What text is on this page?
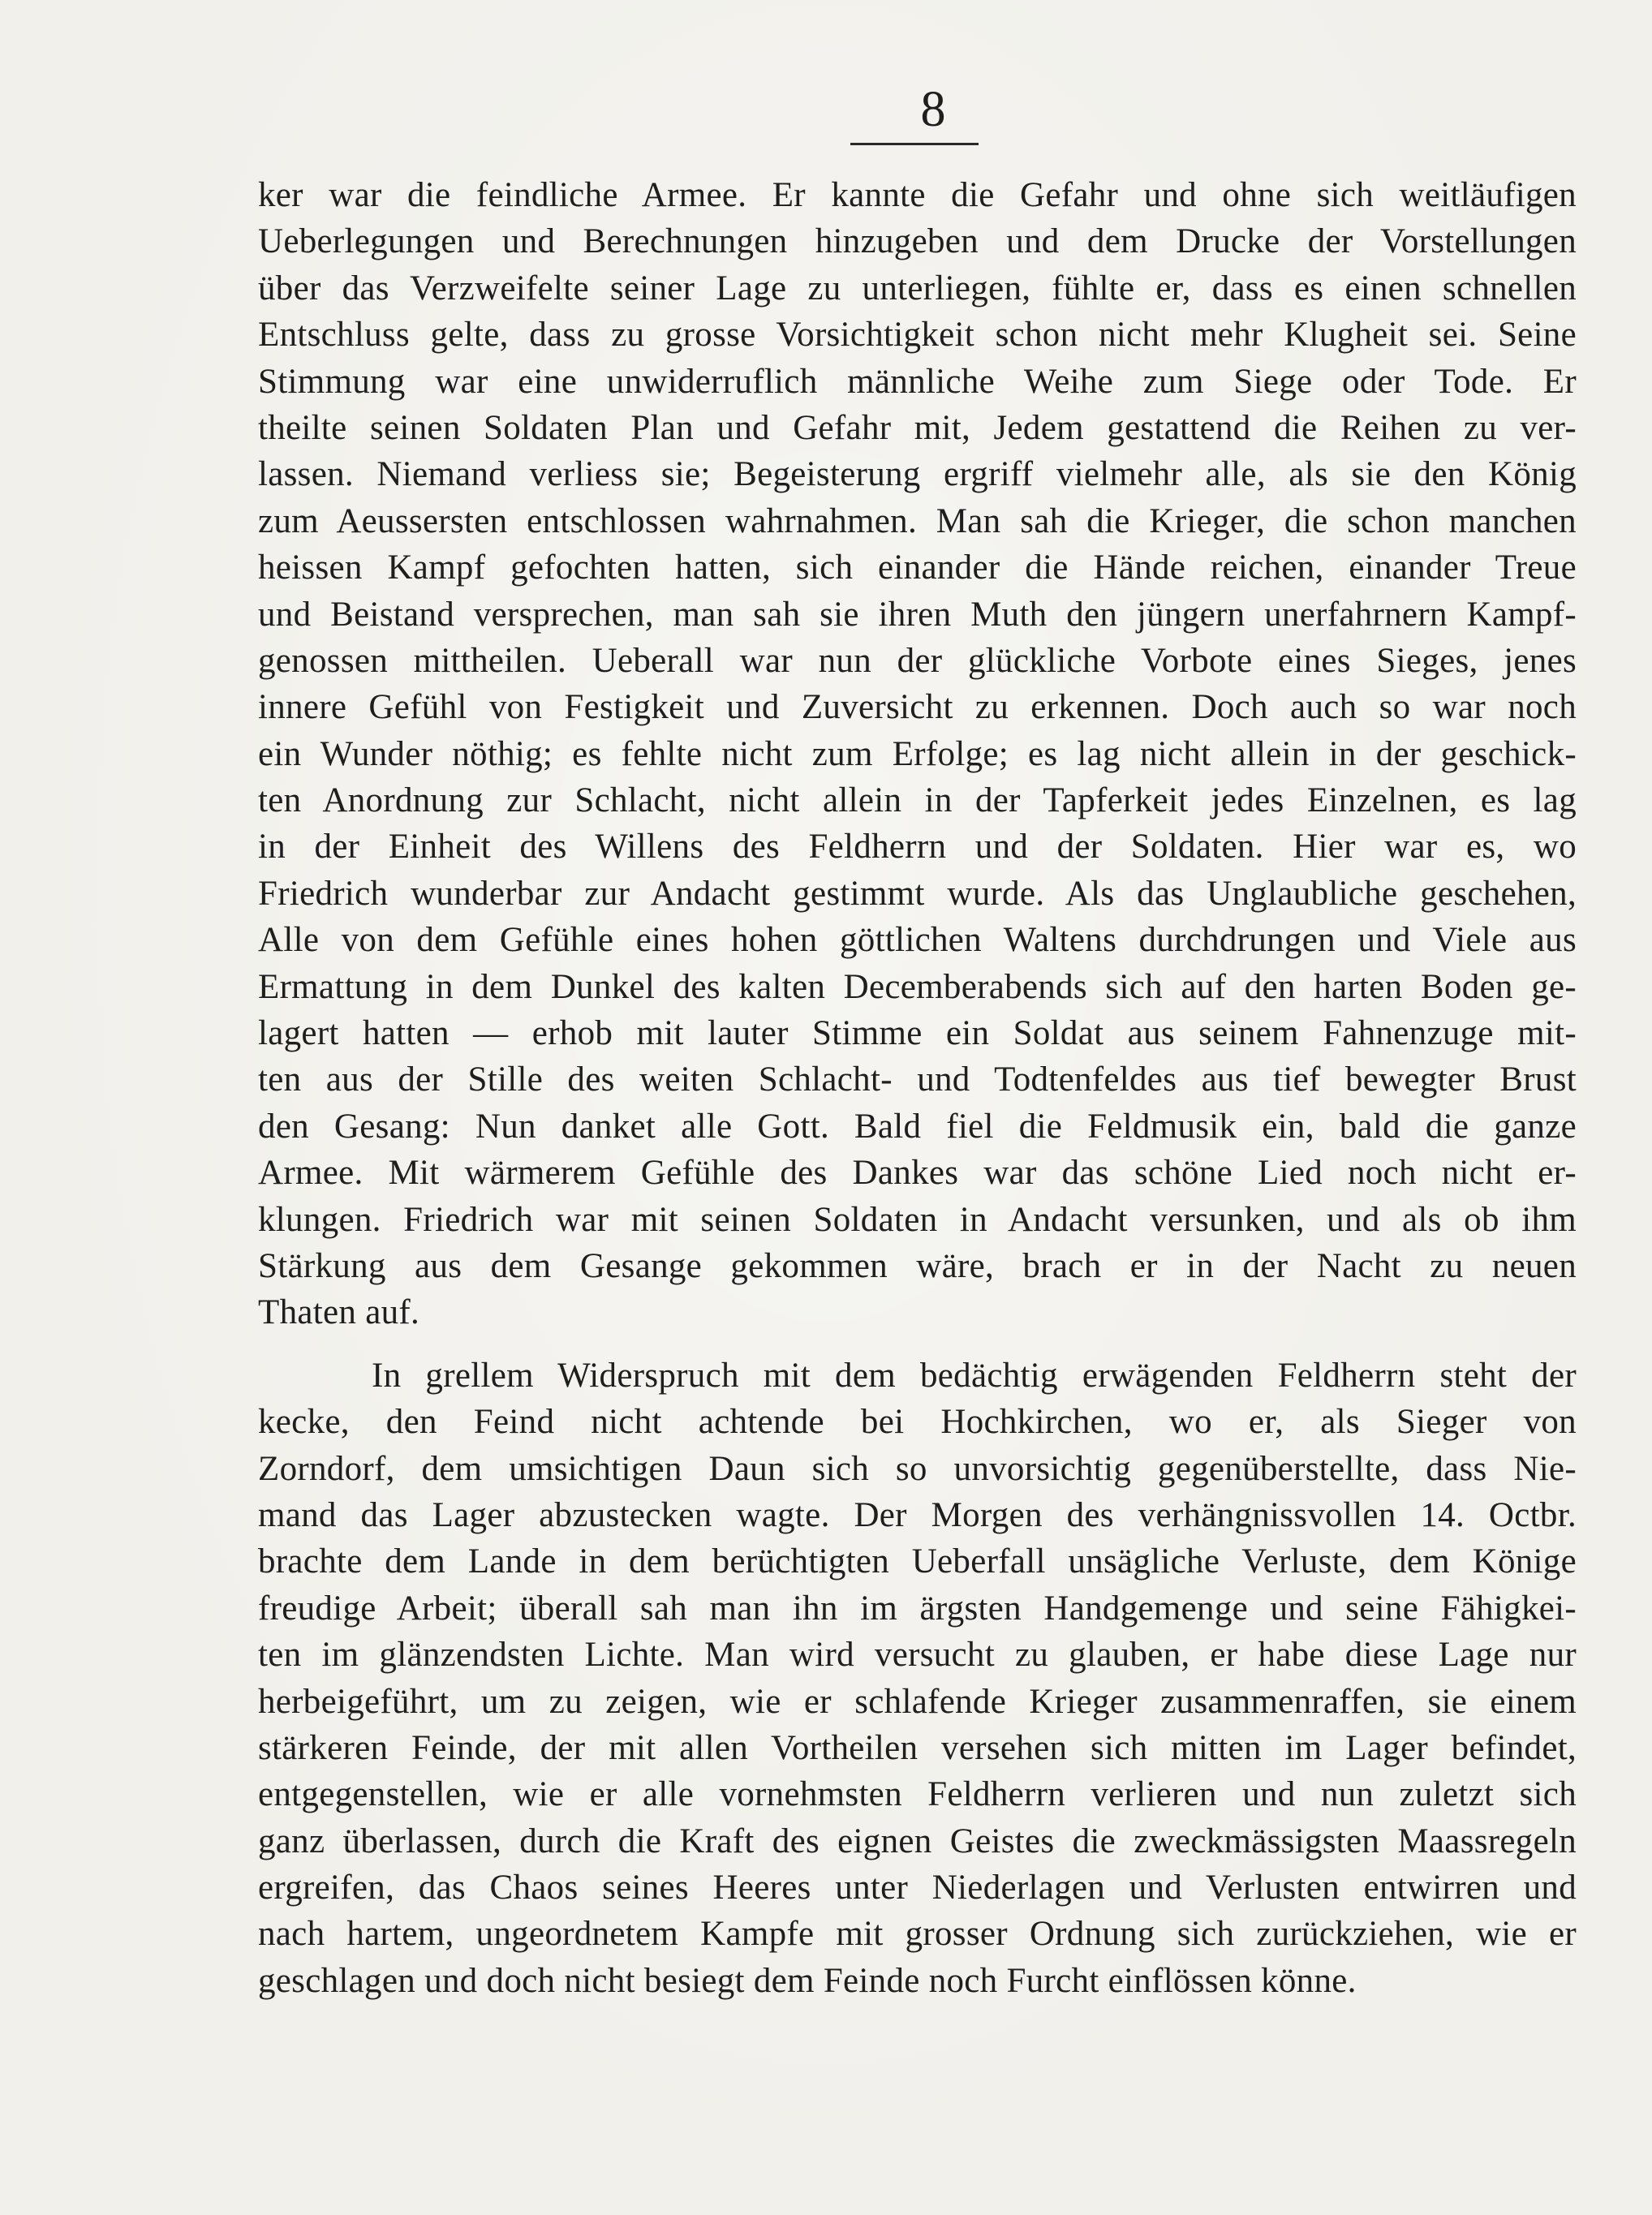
8

ker war die feindliche Armee. Er kannte die Gefahr und ohne sich weitläufigen
Ueberlegungen und Berechnungen hinzugeben und dem Drucke der Vorstellungen
über das Verzweifelte seiner Lage zu unterliegen, fühlte er, dass es einen schnellen
Entschluss gelte, dass zu grosse Vorsichtigkeit schon nicht mehr Klugheit sei. Seine
Stimmung war eine unwiderruflich männliche Weihe zum Siege oder Tode. Er
theilte seinen Soldaten Plan und Gefahr mit, Jedem gestattend die Reihen zu ver-
lassen. Niemand verliess sie; Begeisterung ergriff vielmehr alle, als sie den König
zum Aeussersten entschlossen wahrnahmen. Man sah die Krieger, die schon manchen
heissen Kampf gefochten hatten, sich einander die Hände reichen, einander Treue
und Beistand versprechen, man sah sie ihren Muth den jüngern unerfahrnern Kampf-
genossen mittheilen. Ueberall war nun der glückliche Vorbote eines Sieges, jenes
innere Gefühl von Festigkeit und Zuversicht zu erkennen. Doch auch so war noch
ein Wunder nöthig; es fehlte nicht zum Erfolge; es lag nicht allein in der geschick-
ten Anordnung zur Schlacht, nicht allein in der Tapferkeit jedes Einzelnen, es lag
in der Einheit des Willens des Feldherrn und der Soldaten. Hier war es, wo
Friedrich wunderbar zur Andacht gestimmt wurde. Als das Unglaubliche geschehen,
Alle von dem Gefühle eines hohen göttlichen Waltens durchdrungen und Viele aus
Ermattung in dem Dunkel des kalten Decemberabends sich auf den harten Boden ge-
lagert hatten — erhob mit lauter Stimme ein Soldat aus seinem Fahnenzuge mit-
ten aus der Stille des weiten Schlacht- und Todtenfeldes aus tief bewegter Brust
den Gesang: Nun danket alle Gott. Bald fiel die Feldmusik ein, bald die ganze
Armee. Mit wärmerem Gefühle des Dankes war das schöne Lied noch nicht er-
klungen. Friedrich war mit seinen Soldaten in Andacht versunken, und als ob ihm
Stärkung aus dem Gesange gekommen wäre, brach er in der Nacht zu neuen
Thaten auf.
In grellem Widerspruch mit dem bedächtig erwägenden Feldherrn steht der
kecke, den Feind nicht achtende bei Hochkirchen, wo er, als Sieger von
Zorndorf, dem umsichtigen Daun sich so unvorsichtig gegenüberstellte, dass Nie-
mand das Lager abzustecken wagte. Der Morgen des verhängnissvollen 14. Octbr.
brachte dem Lande in dem berüchtigten Ueberfall unsägliche Verluste, dem Könige
freudige Arbeit; überall sah man ihn im ärgsten Handgemenge und seine Fähigkei-
ten im glänzendsten Lichte. Man wird versucht zu glauben, er habe diese Lage nur
herbeigeführt, um zu zeigen, wie er schlafende Krieger zusammenraffen, sie einem
stärkeren Feinde, der mit allen Vortheilen versehen sich mitten im Lager befindet,
entgegenstellen, wie er alle vornehmsten Feldherrn verlieren und nun zuletzt sich
ganz überlassen, durch die Kraft des eignen Geistes die zweckmässigsten Maassregeln
ergreifen, das Chaos seines Heeres unter Niederlagen und Verlusten entwirren und
nach hartem, ungeordnetem Kampfe mit grosser Ordnung sich zurückziehen, wie er
geschlagen und doch nicht besiegt dem Feinde noch Furcht einflössen könne.
